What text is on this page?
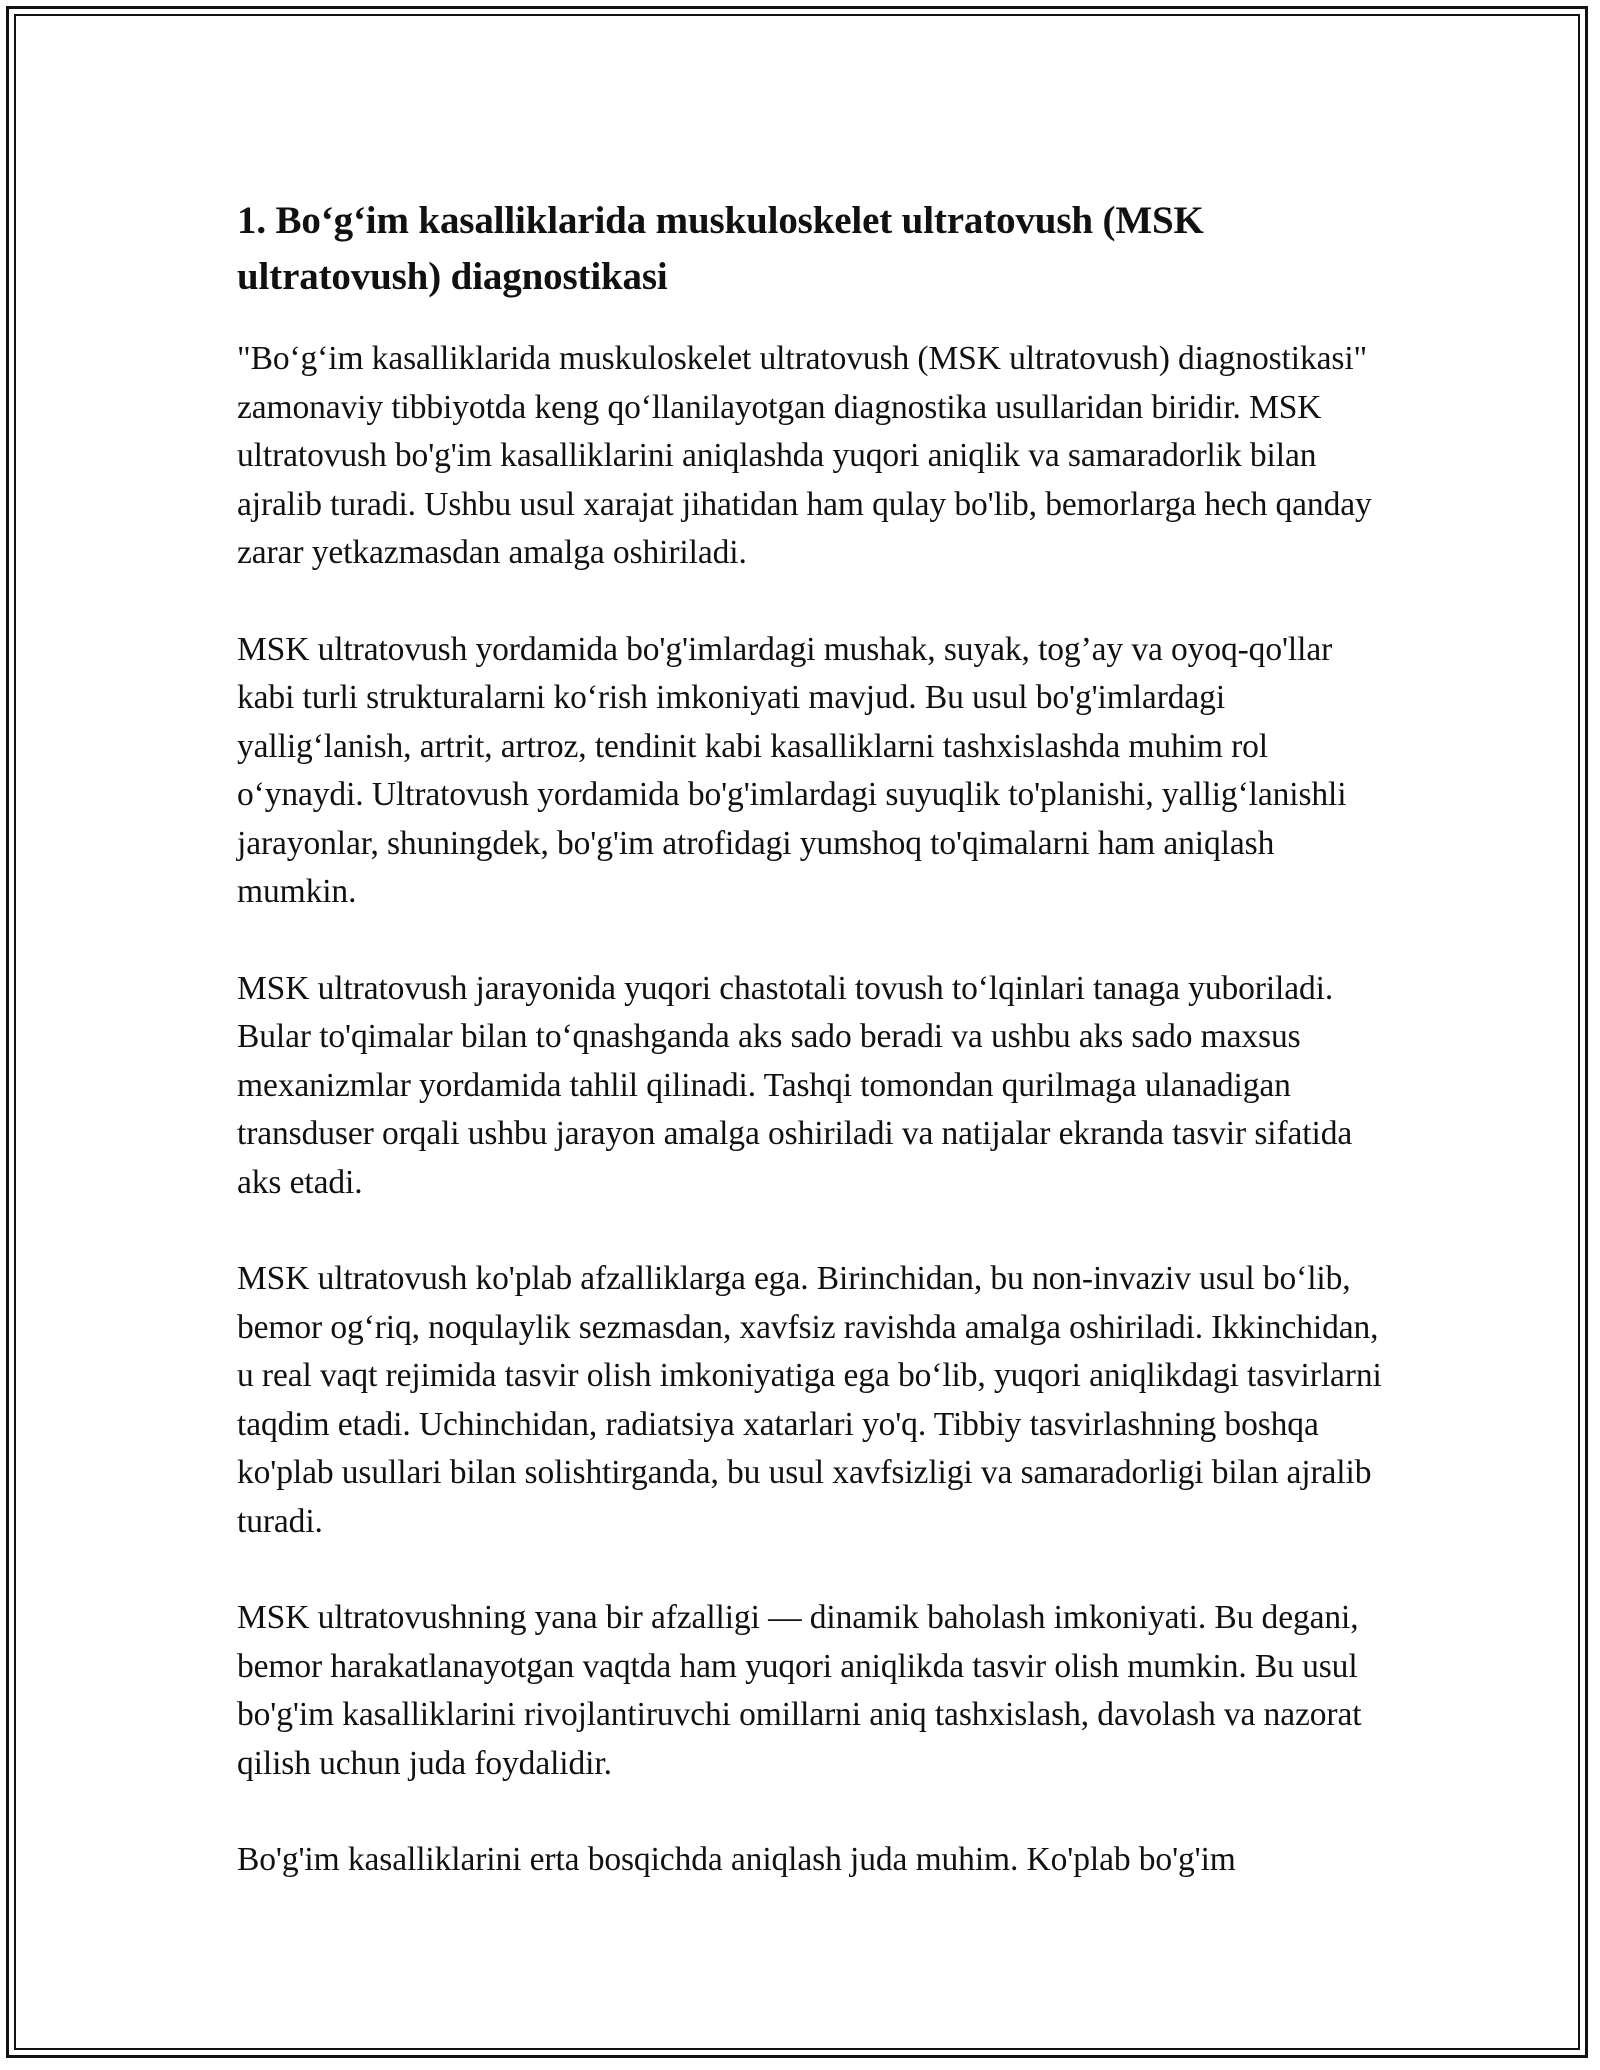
1. Bo‘g‘im kasalliklarida muskuloskelet ultratovush (MSK ultratovush) diagnostikasi

"Bo‘g‘im kasalliklarida muskuloskelet ultratovush (MSK ultratovush) diagnostikasi" zamonaviy tibbiyotda keng qo‘llanilayotgan diagnostika usullaridan biridir. MSK ultratovush bo'g'im kasalliklarini aniqlashda yuqori aniqlik va samaradorlik bilan ajralib turadi. Ushbu usul xarajat jihatidan ham qulay bo'lib, bemorlarga hech qanday zarar yetkazmasdan amalga oshiriladi.

MSK ultratovush yordamida bo'g'imlardagi mushak, suyak, tog’ay va oyoq-qo'llar kabi turli strukturalarni ko‘rish imkoniyati mavjud. Bu usul bo'g'imlardagi yallig‘lanish, artrit, artroz, tendinit kabi kasalliklarni tashxislashda muhim rol o‘ynaydi. Ultratovush yordamida bo'g'imlardagi suyuqlik to'planishi, yallig‘lanishli jarayonlar, shuningdek, bo'g'im atrofidagi yumshoq to'qimalarni ham aniqlash mumkin.

MSK ultratovush jarayonida yuqori chastotali tovush to‘lqinlari tanaga yuboriladi. Bular to'qimalar bilan to‘qnashganda aks sado beradi va ushbu aks sado maxsus mexanizmlar yordamida tahlil qilinadi. Tashqi tomondan qurilmaga ulanadigan transduser orqali ushbu jarayon amalga oshiriladi va natijalar ekranda tasvir sifatida aks etadi.

MSK ultratovush ko'plab afzalliklarga ega. Birinchidan, bu non-invaziv usul bo‘lib, bemor og‘riq, noqulaylik sezmasdan, xavfsiz ravishda amalga oshiriladi. Ikkinchidan, u real vaqt rejimida tasvir olish imkoniyatiga ega bo‘lib, yuqori aniqlikdagi tasvirlarni taqdim etadi. Uchinchidan, radiatsiya xatarlari yo'q. Tibbiy tasvirlashning boshqa ko'plab usullari bilan solishtirganda, bu usul xavfsizligi va samaradorligi bilan ajralib turadi.

MSK ultratovushning yana bir afzalligi — dinamik baholash imkoniyati. Bu degani, bemor harakatlanayotgan vaqtda ham yuqori aniqlikda tasvir olish mumkin. Bu usul bo'g'im kasalliklarini rivojlantiruvchi omillarni aniq tashxislash, davolash va nazorat qilish uchun juda foydalidir.

Bo'g'im kasalliklarini erta bosqichda aniqlash juda muhim. Ko'plab bo'g'im
